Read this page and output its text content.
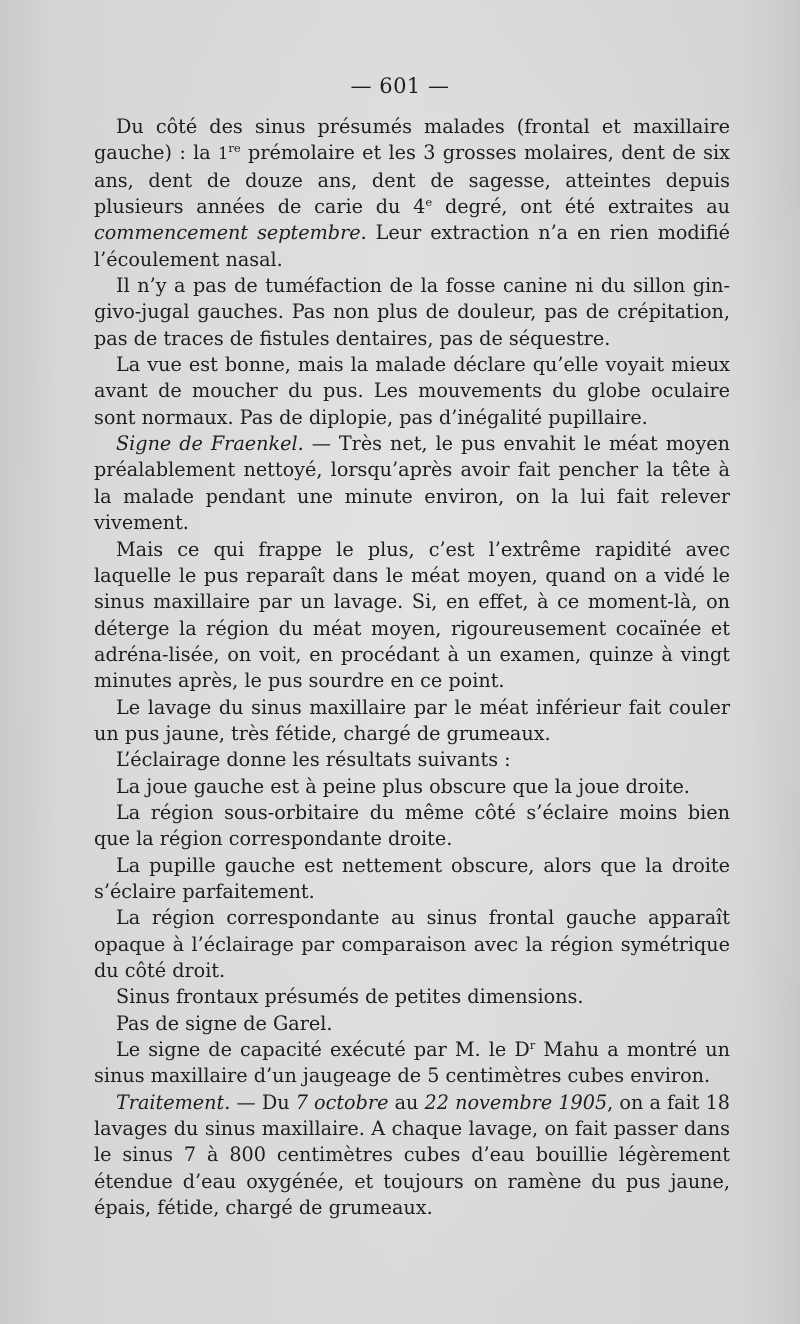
— 601 —

Du côté des sinus présumés malades (frontal et maxillaire gauche) : la 1re prémolaire et les 3 grosses molaires, dent de six ans, dent de douze ans, dent de sagesse, atteintes depuis plusieurs années de carie du 4e degré, ont été extraites au commencement septembre. Leur extraction n’a en rien modifié l’écoulement nasal.

Il n’y a pas de tuméfaction de la fosse canine ni du sillon gin-givo-jugal gauches. Pas non plus de douleur, pas de crépitation, pas de traces de fistules dentaires, pas de séquestre.

La vue est bonne, mais la malade déclare qu’elle voyait mieux avant de moucher du pus. Les mouvements du globe oculaire sont normaux. Pas de diplopie, pas d’inégalité pupillaire.

Signe de Fraenkel. — Très net, le pus envahit le méat moyen préalablement nettoyé, lorsqu’après avoir fait pencher la tête à la malade pendant une minute environ, on la lui fait relever vivement.

Mais ce qui frappe le plus, c’est l’extrême rapidité avec laquelle le pus reparaît dans le méat moyen, quand on a vidé le sinus maxillaire par un lavage. Si, en effet, à ce moment-là, on déterge la région du méat moyen, rigoureusement cocaïnée et adréna-lisée, on voit, en procédant à un examen, quinze à vingt minutes après, le pus sourdre en ce point.

Le lavage du sinus maxillaire par le méat inférieur fait couler un pus jaune, très fétide, chargé de grumeaux.

L’éclairage donne les résultats suivants :

La joue gauche est à peine plus obscure que la joue droite.

La région sous-orbitaire du même côté s’éclaire moins bien que la région correspondante droite.

La pupille gauche est nettement obscure, alors que la droite s’éclaire parfaitement.

La région correspondante au sinus frontal gauche apparaît opaque à l’éclairage par comparaison avec la région symétrique du côté droit.

Sinus frontaux présumés de petites dimensions.

Pas de signe de Garel.

Le signe de capacité exécuté par M. le $D^r$ Mahu a montré un sinus maxillaire d’un jaugeage de 5 centimètres cubes environ.

Traitement. — Du 7 octobre au 22 novembre 1905, on a fait 18 lavages du sinus maxillaire. A chaque lavage, on fait passer dans le sinus 7 à 800 centimètres cubes d’eau bouillie légèrement étendue d’eau oxygénée, et toujours on ramène du pus jaune, épais, fétide, chargé de grumeaux.
